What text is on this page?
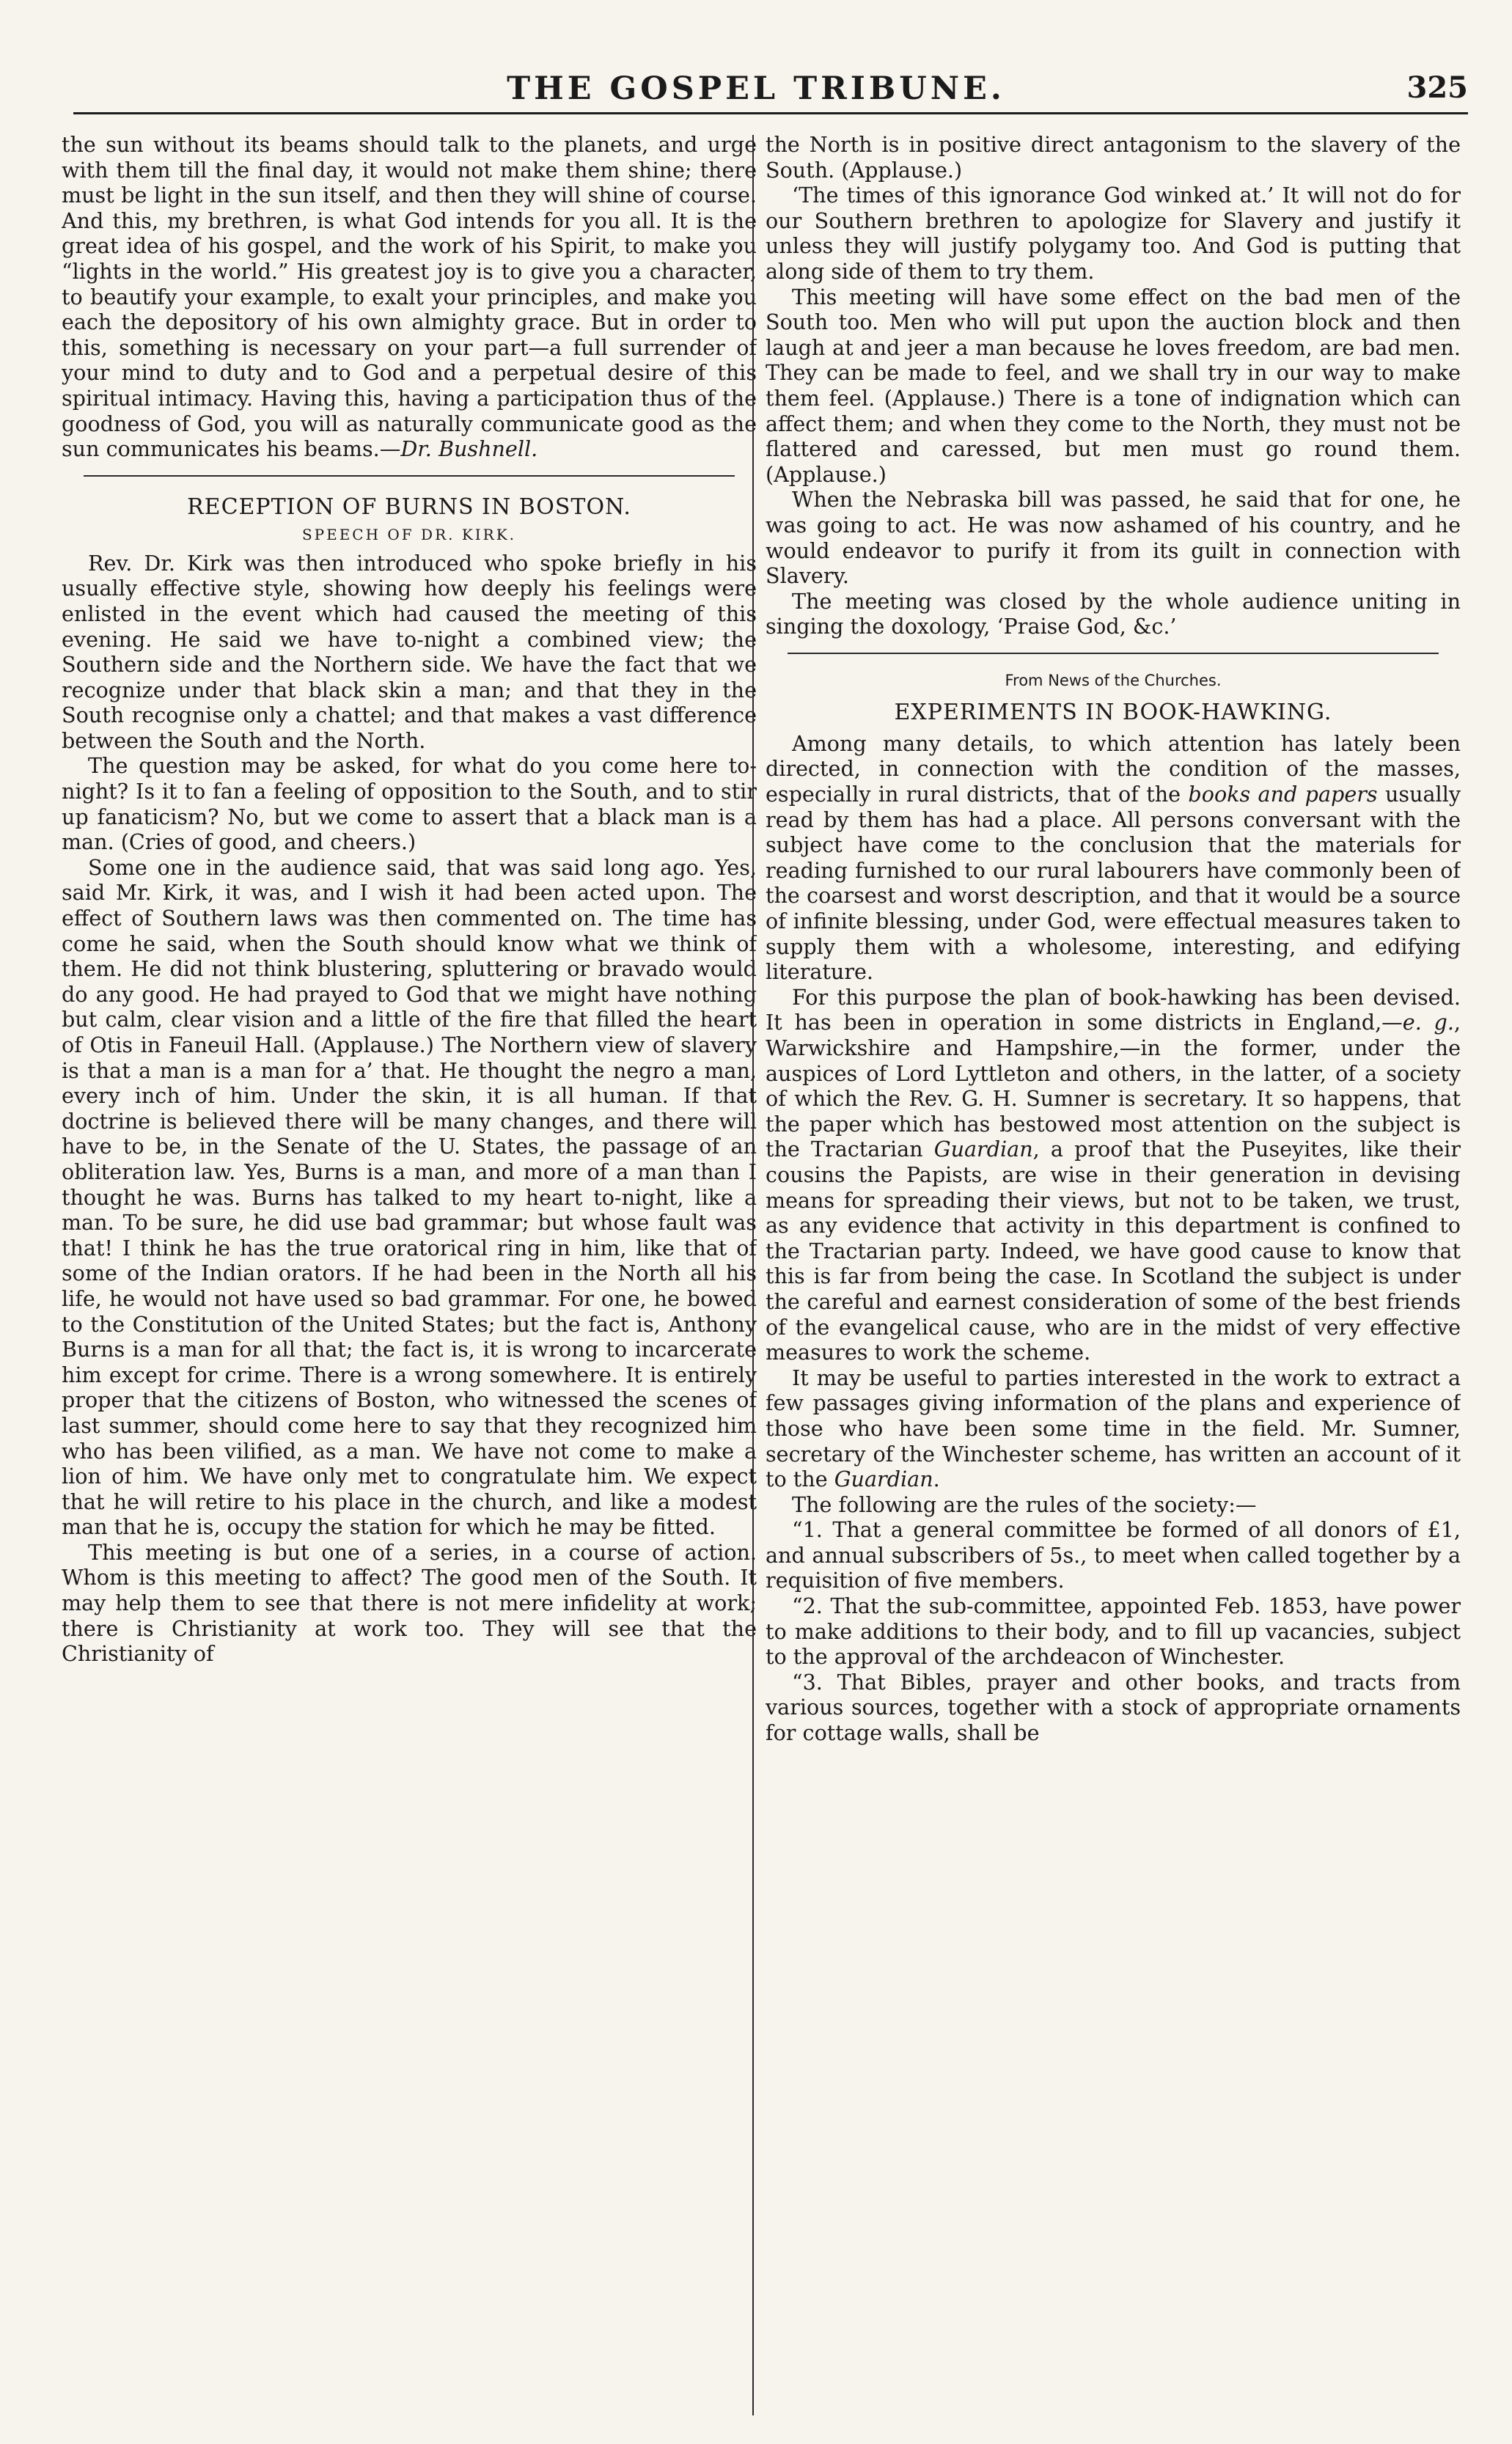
THE GOSPEL TRIBUNE.	325

the sun without its beams should talk to the planets, and urge with them till the final day, it would not make them shine; there must be light in the sun itself, and then they will shine of course. And this, my brethren, is what God intends for you all. It is the great idea of his gospel, and the work of his Spirit, to make you “lights in the world.” His greatest joy is to give you a character, to beautify your example, to exalt your principles, and make you each the depository of his own almighty grace. But in order to this, something is necessary on your part—a full surrender of your mind to duty and to God and a perpetual desire of this spiritual intimacy. Having this, having a participation thus of the goodness of God, you will as naturally communicate good as the sun communicates his beams.—Dr. Bushnell.

RECEPTION OF BURNS IN BOSTON.
SPEECH OF DR. KIRK.

Rev. Dr. Kirk was then introduced who spoke briefly in his usually effective style, showing how deeply his feelings were enlisted in the event which had caused the meeting of this evening. He said we have to-night a combined view; the Southern side and the Northern side. We have the fact that we recognize under that black skin a man; and that they in the South recognise only a chattel; and that makes a vast difference between the South and the North.

The question may be asked, for what do you come here to-night? Is it to fan a feeling of opposition to the South, and to stir up fanaticism? No, but we come to assert that a black man is a man. (Cries of good, and cheers.)

Some one in the audience said, that was said long ago. Yes, said Mr. Kirk, it was, and I wish it had been acted upon. The effect of Southern laws was then commented on. The time has come he said, when the South should know what we think of them. He did not think blustering, spluttering or bravado would do any good. He had prayed to God that we might have nothing but calm, clear vision and a little of the fire that filled the heart of Otis in Faneuil Hall. (Applause.) The Northern view of slavery is that a man is a man for a’ that. He thought the negro a man, every inch of him. Under the skin, it is all human. If that doctrine is believed there will be many changes, and there will have to be, in the Senate of the U. States, the passage of an obliteration law. Yes, Burns is a man, and more of a man than I thought he was. Burns has talked to my heart to-night, like a man. To be sure, he did use bad grammar; but whose fault was that! I think he has the true oratorical ring in him, like that of some of the Indian orators. If he had been in the North all his life, he would not have used so bad grammar. For one, he bowed to the Constitution of the United States; but the fact is, Anthony Burns is a man for all that; the fact is, it is wrong to incarcerate him except for crime. There is a wrong somewhere. It is entirely proper that the citizens of Boston, who witnessed the scenes of last summer, should come here to say that they recognized him who has been vilified, as a man. We have not come to make a lion of him. We have only met to congratulate him. We expect that he will retire to his place in the church, and like a modest man that he is, occupy the station for which he may be fitted.

This meeting is but one of a series, in a course of action. Whom is this meeting to affect? The good men of the South. It may help them to see that there is not mere infidelity at work; there is Christianity at work too. They will see that the Christianity of

the North is in positive direct antagonism to the slavery of the South. (Applause.)

‘The times of this ignorance God winked at.’ It will not do for our Southern brethren to apologize for Slavery and justify it unless they will justify polygamy too. And God is putting that along side of them to try them.

This meeting will have some effect on the bad men of the South too. Men who will put upon the auction block and then laugh at and jeer a man because he loves freedom, are bad men. They can be made to feel, and we shall try in our way to make them feel. (Applause.) There is a tone of indignation which can affect them; and when they come to the North, they must not be flattered and caressed, but men must go round them. (Applause.)

When the Nebraska bill was passed, he said that for one, he was going to act. He was now ashamed of his country, and he would endeavor to purify it from its guilt in connection with Slavery.

The meeting was closed by the whole audience uniting in singing the doxology, ‘Praise God, &c.’

From News of the Churches.
EXPERIMENTS IN BOOK-HAWKING.

Among many details, to which attention has lately been directed, in connection with the condition of the masses, especially in rural districts, that of the books and papers usually read by them has had a place. All persons conversant with the subject have come to the conclusion that the materials for reading furnished to our rural labourers have commonly been of the coarsest and worst description, and that it would be a source of infinite blessing, under God, were effectual measures taken to supply them with a wholesome, interesting, and edifying literature.

For this purpose the plan of book-hawking has been devised. It has been in operation in some districts in England,—e. g., Warwickshire and Hampshire,—in the former, under the auspices of Lord Lyttleton and others, in the latter, of a society of which the Rev. G. H. Sumner is secretary. It so happens, that the paper which has bestowed most attention on the subject is the Tractarian Guardian, a proof that the Puseyites, like their cousins the Papists, are wise in their generation in devising means for spreading their views, but not to be taken, we trust, as any evidence that activity in this department is confined to the Tractarian party. Indeed, we have good cause to know that this is far from being the case. In Scotland the subject is under the careful and earnest consideration of some of the best friends of the evangelical cause, who are in the midst of very effective measures to work the scheme.

It may be useful to parties interested in the work to extract a few passages giving information of the plans and experience of those who have been some time in the field. Mr. Sumner, secretary of the Winchester scheme, has written an account of it to the Guardian.

The following are the rules of the society:—

“1. That a general committee be formed of all donors of £1, and annual subscribers of 5s., to meet when called together by a requisition of five members.

“2. That the sub-committee, appointed Feb. 1853, have power to make additions to their body, and to fill up vacancies, subject to the approval of the archdeacon of Winchester.

“3. That Bibles, prayer and other books, and tracts from various sources, together with a stock of appropriate ornaments for cottage walls, shall be
